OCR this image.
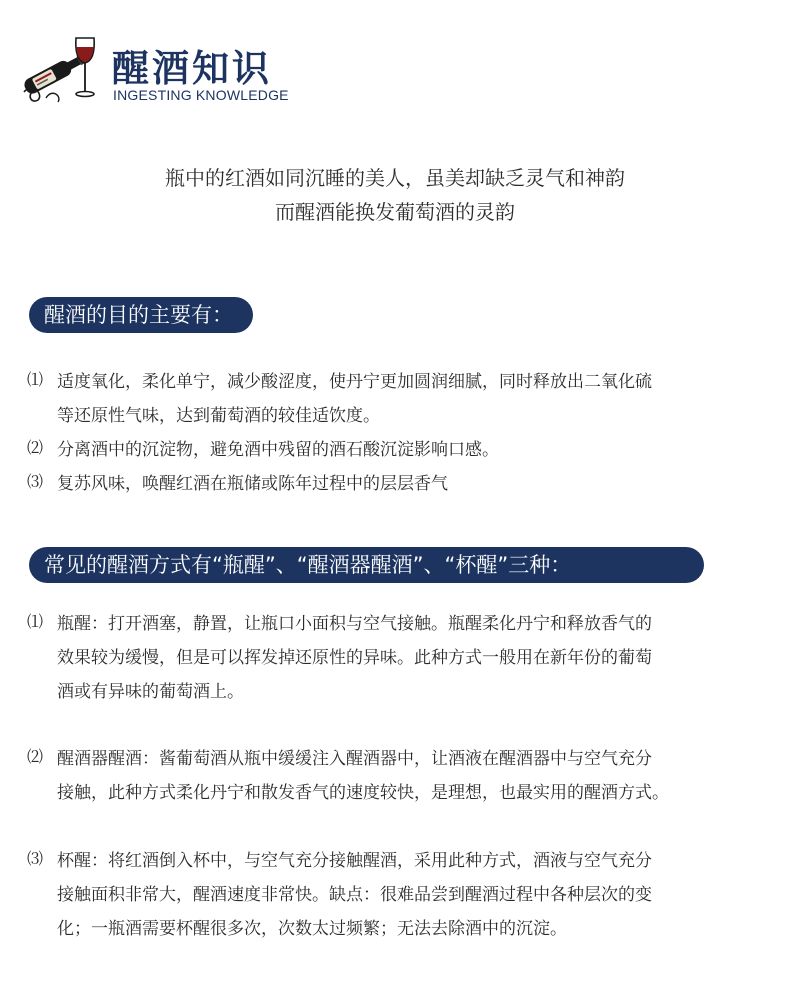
醒酒知识
INGESTING KNOWLEDGE
瓶中的红酒如同沉睡的美人，虽美却缺乏灵气和神韵
而醒酒能换发葡萄酒的灵韵
醒酒的目的主要有：
⑴ 适度氧化，柔化单宁，减少酸涩度，使丹宁更加圆润细腻，同时释放出二氧化硫
等还原性气味，达到葡萄酒的较佳适饮度。
⑵ 分离酒中的沉淀物，避免酒中残留的酒石酸沉淀影响口感。
⑶ 复苏风味，唤醒红酒在瓶储或陈年过程中的层层香气
常见的醒酒方式有“瓶醒”、“醒酒器醒酒”、“杯醒”三种：
⑴ 瓶醒：打开酒塞，静置，让瓶口小面积与空气接触。瓶醒柔化丹宁和释放香气的
效果较为缓慢，但是可以挥发掉还原性的异味。此种方式一般用在新年份的葡萄
酒或有异味的葡萄酒上。
⑵ 醒酒器醒酒：酱葡萄酒从瓶中缓缓注入醒酒器中，让酒液在醒酒器中与空气充分
接触，此种方式柔化丹宁和散发香气的速度较快，是理想，也最实用的醒酒方式。
⑶ 杯醒：将红酒倒入杯中，与空气充分接触醒酒，采用此种方式，酒液与空气充分
接触面积非常大，醒酒速度非常快。缺点：很难品尝到醒酒过程中各种层次的变
化；一瓶酒需要杯醒很多次，次数太过频繁；无法去除酒中的沉淀。
